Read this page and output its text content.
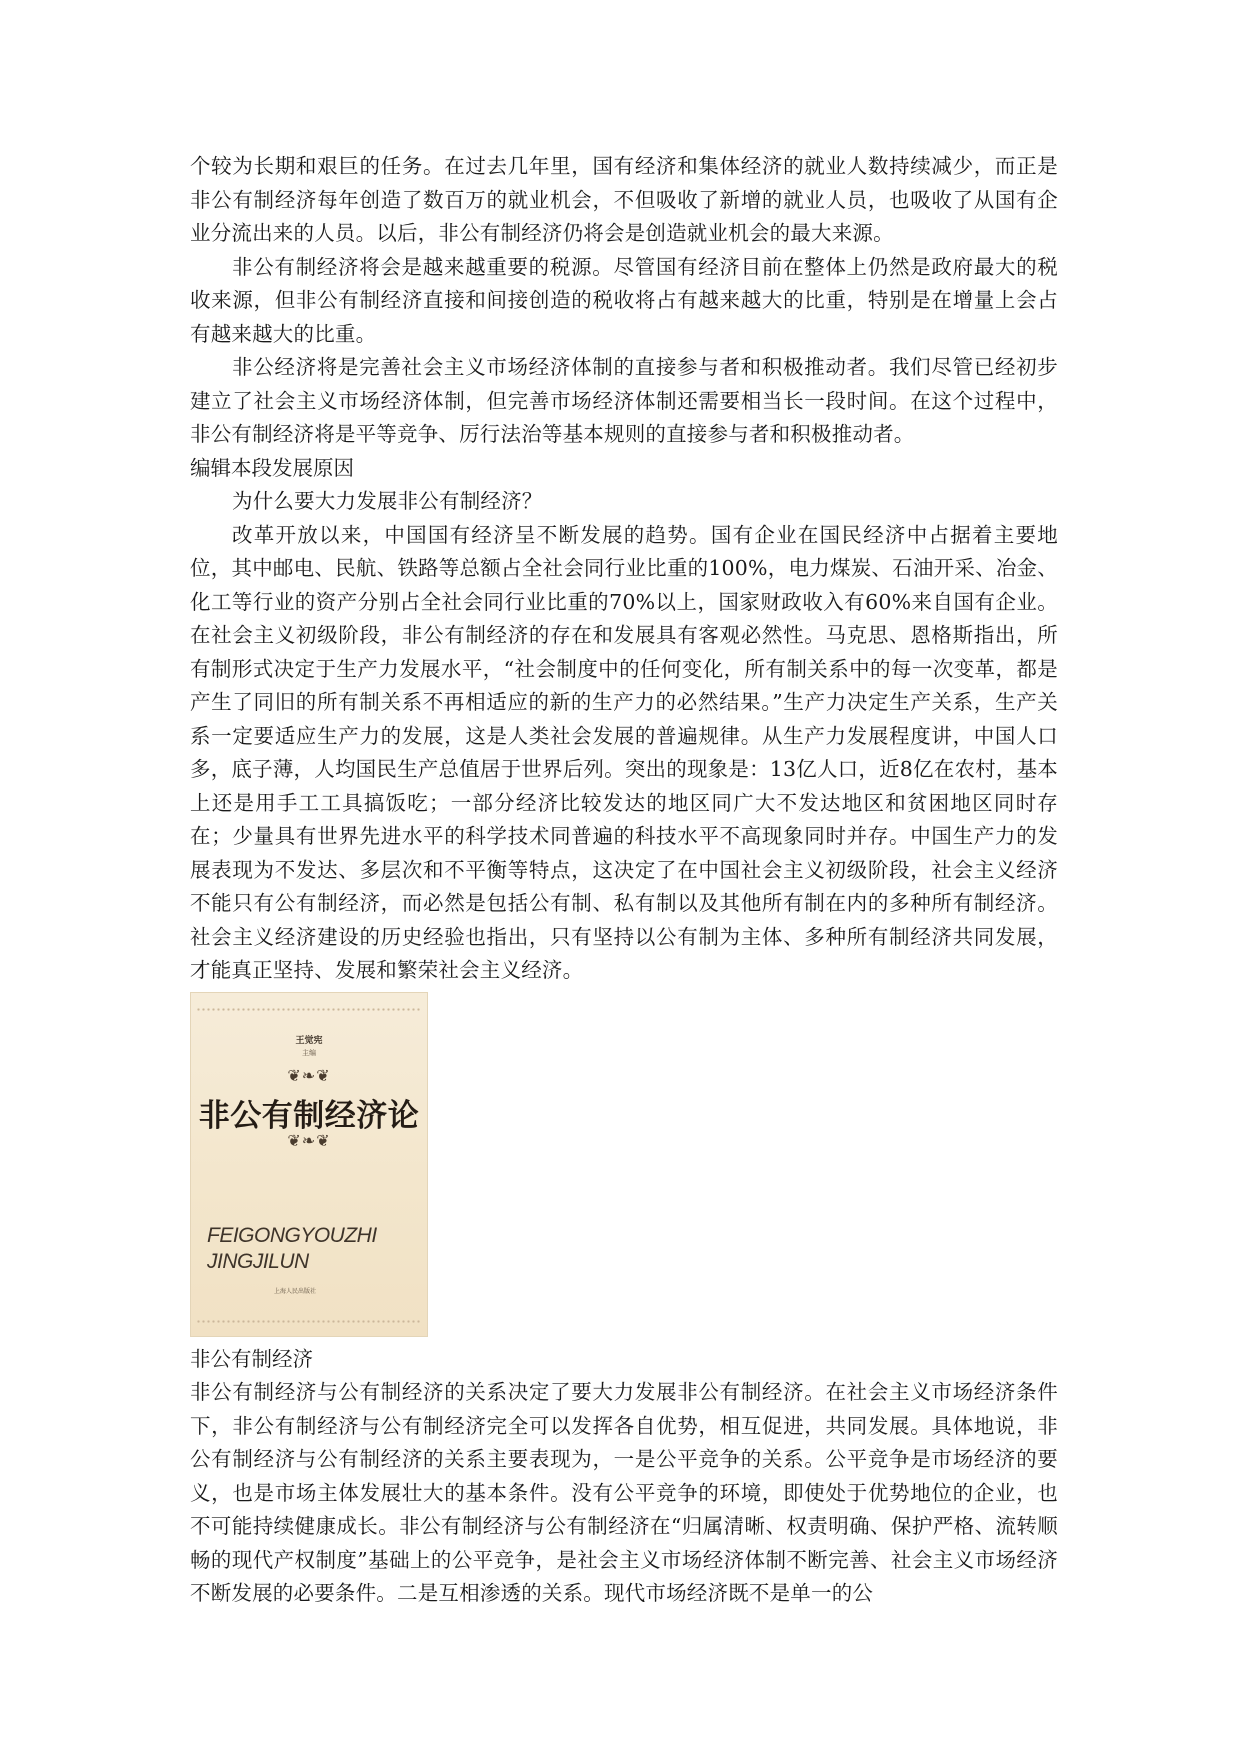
个较为长期和艰巨的任务。在过去几年里，国有经济和集体经济的就业人数持续减少，而正是非公有制经济每年创造了数百万的就业机会，不但吸收了新增的就业人员，也吸收了从国有企业分流出来的人员。以后，非公有制经济仍将会是创造就业机会的最大来源。

非公有制经济将会是越来越重要的税源。尽管国有经济目前在整体上仍然是政府最大的税收来源，但非公有制经济直接和间接创造的税收将占有越来越大的比重，特别是在增量上会占有越来越大的比重。

非公经济将是完善社会主义市场经济体制的直接参与者和积极推动者。我们尽管已经初步建立了社会主义市场经济体制，但完善市场经济体制还需要相当长一段时间。在这个过程中，非公有制经济将是平等竞争、厉行法治等基本规则的直接参与者和积极推动者。

编辑本段发展原因

为什么要大力发展非公有制经济？

改革开放以来，中国国有经济呈不断发展的趋势。国有企业在国民经济中占据着主要地位，其中邮电、民航、铁路等总额占全社会同行业比重的100%，电力煤炭、石油开采、冶金、化工等行业的资产分别占全社会同行业比重的70%以上，国家财政收入有60%来自国有企业。在社会主义初级阶段，非公有制经济的存在和发展具有客观必然性。马克思、恩格斯指出，所有制形式决定于生产力发展水平，“社会制度中的任何变化，所有制关系中的每一次变革，都是产生了同旧的所有制关系不再相适应的新的生产力的必然结果。”生产力决定生产关系，生产关系一定要适应生产力的发展，这是人类社会发展的普遍规律。从生产力发展程度讲，中国人口多，底子薄，人均国民生产总值居于世界后列。突出的现象是：13亿人口，近8亿在农村，基本上还是用手工工具搞饭吃；一部分经济比较发达的地区同广大不发达地区和贫困地区同时存在；少量具有世界先进水平的科学技术同普遍的科技水平不高现象同时并存。中国生产力的发展表现为不发达、多层次和不平衡等特点，这决定了在中国社会主义初级阶段，社会主义经济不能只有公有制经济，而必然是包括公有制、私有制以及其他所有制在内的多种所有制经济。社会主义经济建设的历史经验也指出，只有坚持以公有制为主体、多种所有制经济共同发展，才能真正坚持、发展和繁荣社会主义经济。

王觉宪
主编
❦❧❦
非公有制经济论
❦❧❦
FEIGONGYOUZHI
JINGJILUN
上海人民出版社

非公有制经济

非公有制经济与公有制经济的关系决定了要大力发展非公有制经济。在社会主义市场经济条件下，非公有制经济与公有制经济完全可以发挥各自优势，相互促进，共同发展。具体地说，非公有制经济与公有制经济的关系主要表现为，一是公平竞争的关系。公平竞争是市场经济的要义，也是市场主体发展壮大的基本条件。没有公平竞争的环境，即使处于优势地位的企业，也不可能持续健康成长。非公有制经济与公有制经济在“归属清晰、权责明确、保护严格、流转顺畅的现代产权制度”基础上的公平竞争，是社会主义市场经济体制不断完善、社会主义市场经济不断发展的必要条件。二是互相渗透的关系。现代市场经济既不是单一的公
